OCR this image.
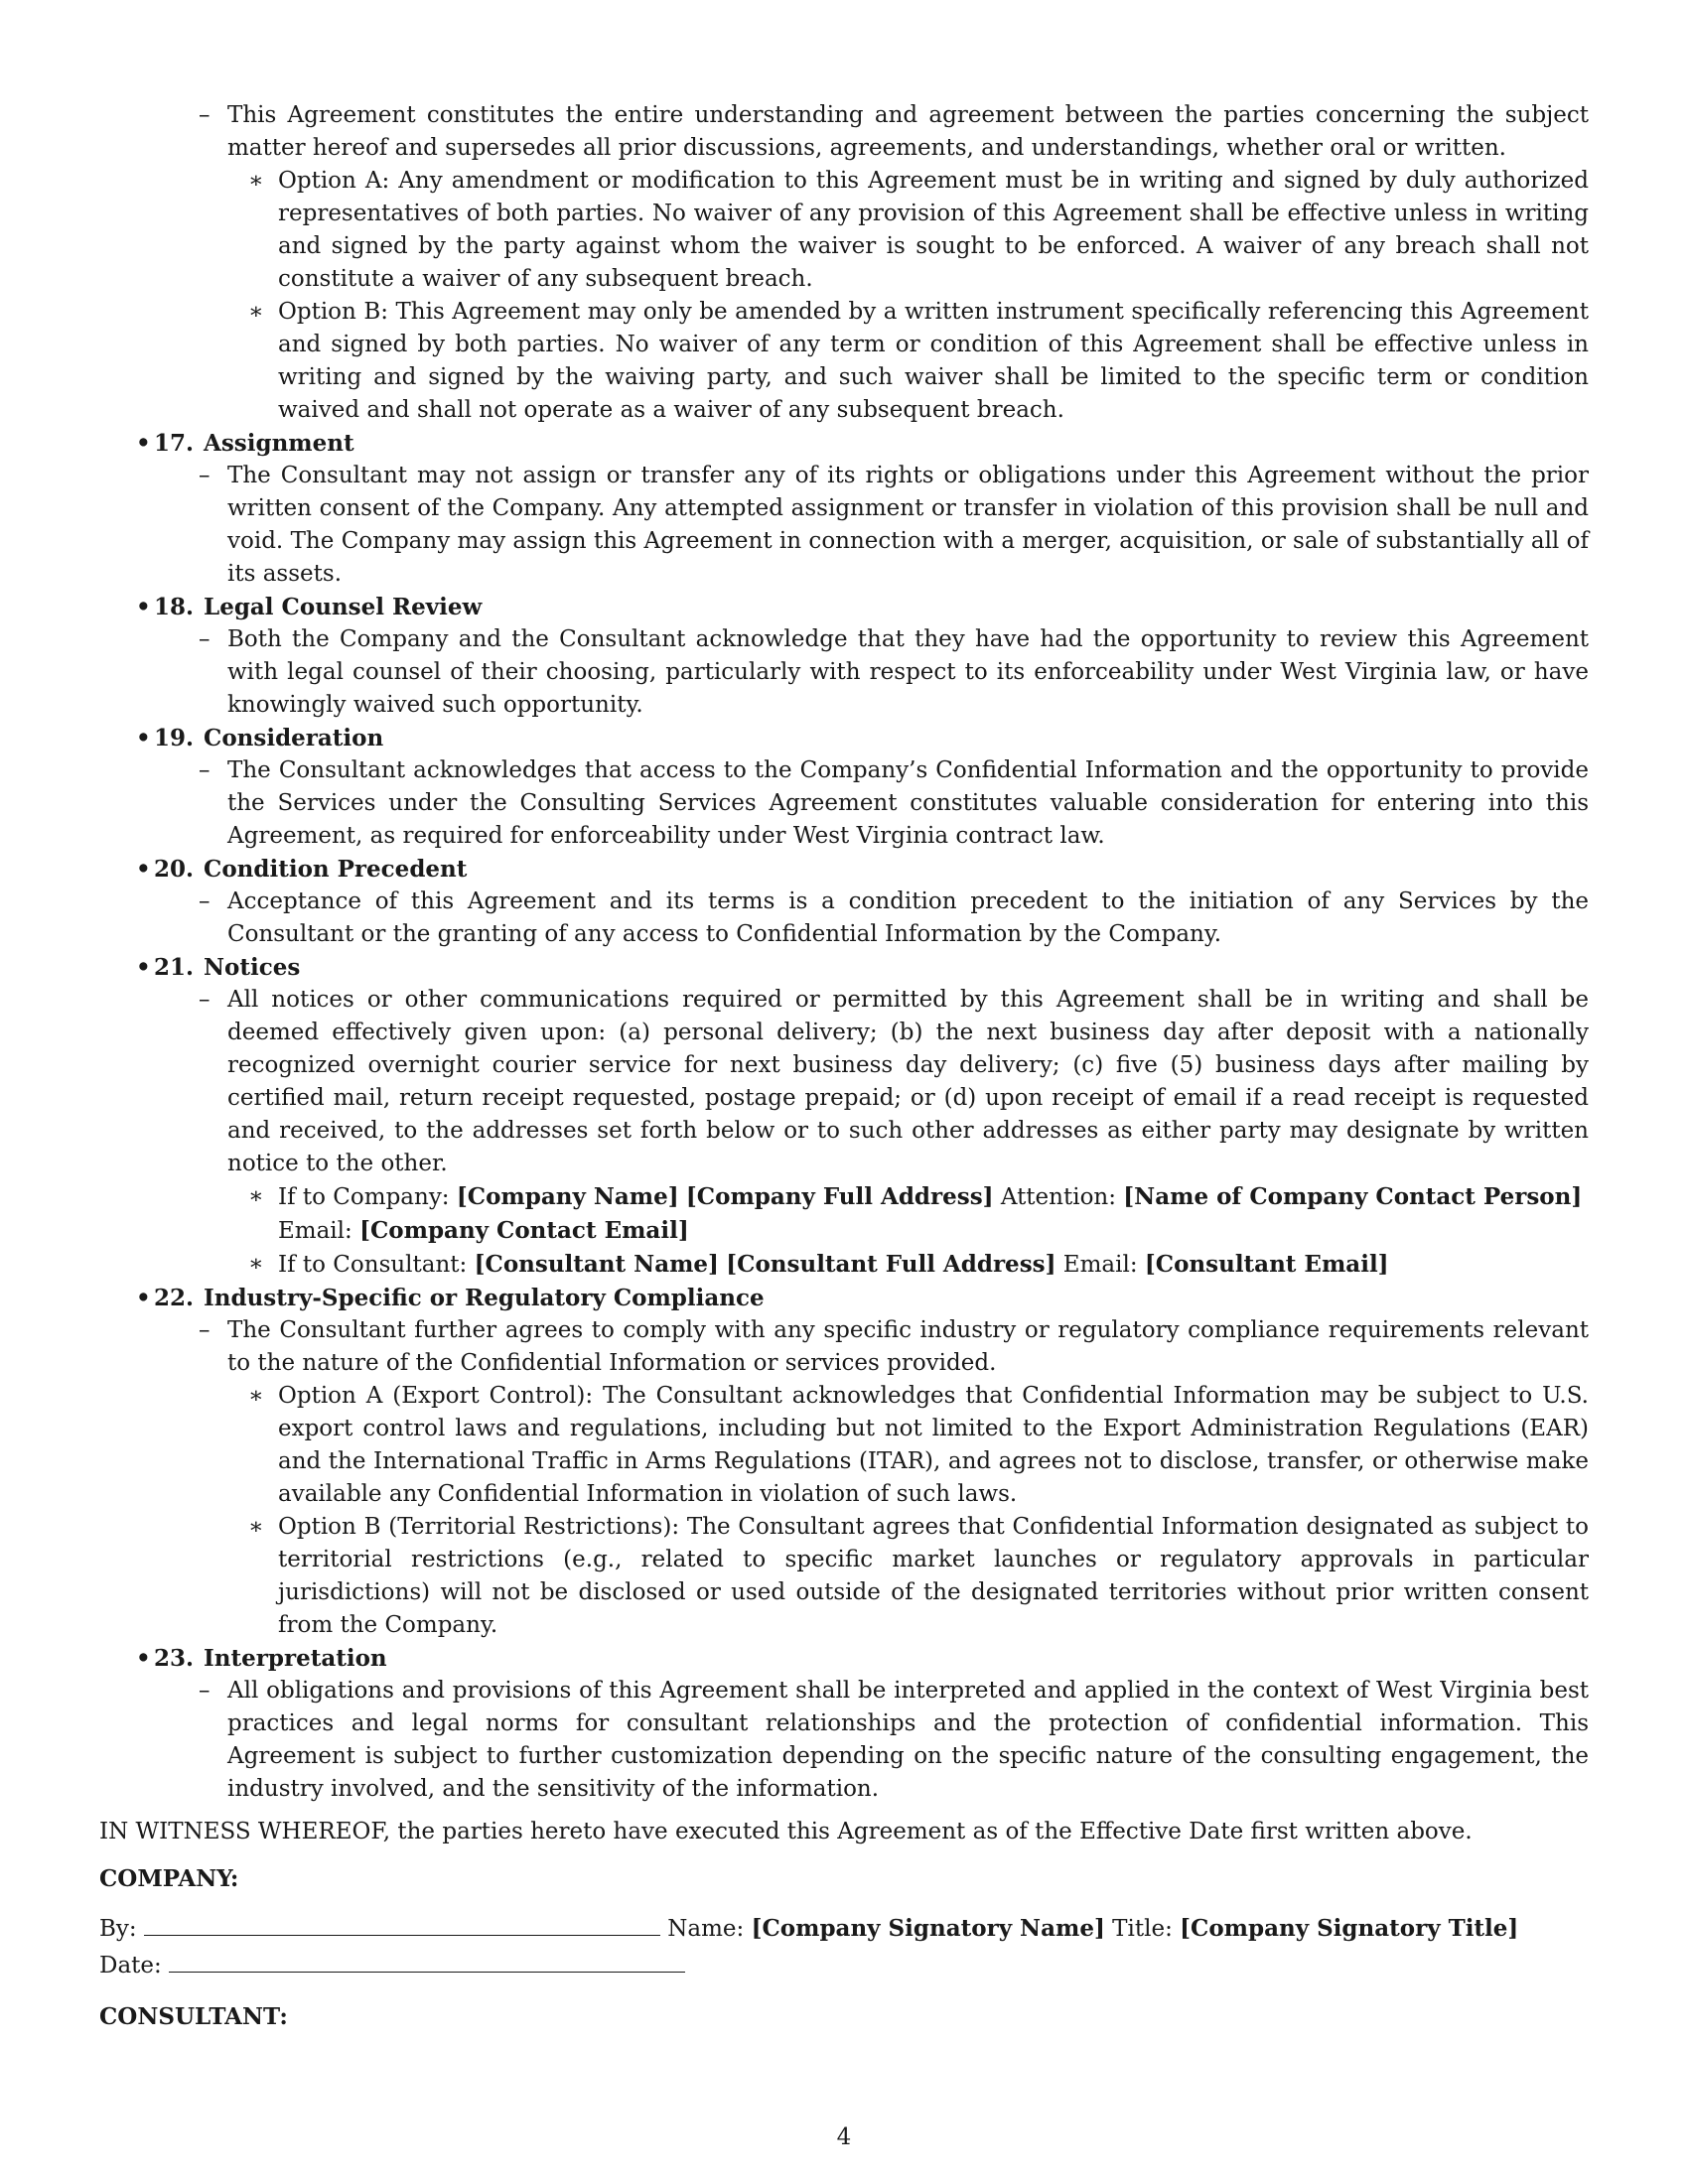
– This Agreement constitutes the entire understanding and agreement between the parties concerning the subject matter hereof and supersedes all prior discussions, agreements, and understandings, whether oral or written.
∗ Option A: Any amendment or modification to this Agreement must be in writing and signed by duly authorized representatives of both parties. No waiver of any provision of this Agreement shall be effective unless in writing and signed by the party against whom the waiver is sought to be enforced. A waiver of any breach shall not constitute a waiver of any subsequent breach.
∗ Option B: This Agreement may only be amended by a written instrument specifically referencing this Agreement and signed by both parties. No waiver of any term or condition of this Agreement shall be effective unless in writing and signed by the waiving party, and such waiver shall be limited to the specific term or condition waived and shall not operate as a waiver of any subsequent breach.
• 17. Assignment
– The Consultant may not assign or transfer any of its rights or obligations under this Agreement without the prior written consent of the Company. Any attempted assignment or transfer in violation of this provision shall be null and void. The Company may assign this Agreement in connection with a merger, acquisition, or sale of substantially all of its assets.
• 18. Legal Counsel Review
– Both the Company and the Consultant acknowledge that they have had the opportunity to review this Agreement with legal counsel of their choosing, particularly with respect to its enforceability under West Virginia law, or have knowingly waived such opportunity.
• 19. Consideration
– The Consultant acknowledges that access to the Company’s Confidential Information and the opportunity to provide the Services under the Consulting Services Agreement constitutes valuable consideration for entering into this Agreement, as required for enforceability under West Virginia contract law.
• 20. Condition Precedent
– Acceptance of this Agreement and its terms is a condition precedent to the initiation of any Services by the Consultant or the granting of any access to Confidential Information by the Company.
• 21. Notices
– All notices or other communications required or permitted by this Agreement shall be in writing and shall be deemed effectively given upon: (a) personal delivery; (b) the next business day after deposit with a nationally recognized overnight courier service for next business day delivery; (c) five (5) business days after mailing by certified mail, return receipt requested, postage prepaid; or (d) upon receipt of email if a read receipt is requested and received, to the addresses set forth below or to such other addresses as either party may designate by written notice to the other.
∗ If to Company: [Company Name] [Company Full Address] Attention: [Name of Company Contact Person] Email: [Company Contact Email]
∗ If to Consultant: [Consultant Name] [Consultant Full Address] Email: [Consultant Email]
• 22. Industry-Specific or Regulatory Compliance
– The Consultant further agrees to comply with any specific industry or regulatory compliance requirements relevant to the nature of the Confidential Information or services provided.
∗ Option A (Export Control): The Consultant acknowledges that Confidential Information may be subject to U.S. export control laws and regulations, including but not limited to the Export Administration Regulations (EAR) and the International Traffic in Arms Regulations (ITAR), and agrees not to disclose, transfer, or otherwise make available any Confidential Information in violation of such laws.
∗ Option B (Territorial Restrictions): The Consultant agrees that Confidential Information designated as subject to territorial restrictions (e.g., related to specific market launches or regulatory approvals in particular jurisdictions) will not be disclosed or used outside of the designated territories without prior written consent from the Company.
• 23. Interpretation
– All obligations and provisions of this Agreement shall be interpreted and applied in the context of West Virginia best practices and legal norms for consultant relationships and the protection of confidential information. This Agreement is subject to further customization depending on the specific nature of the consulting engagement, the industry involved, and the sensitivity of the information.
IN WITNESS WHEREOF, the parties hereto have executed this Agreement as of the Effective Date first written above.
COMPANY:
By:	Name: [Company Signatory Name] Title: [Company Signatory Title]
Date:
CONSULTANT:
4
